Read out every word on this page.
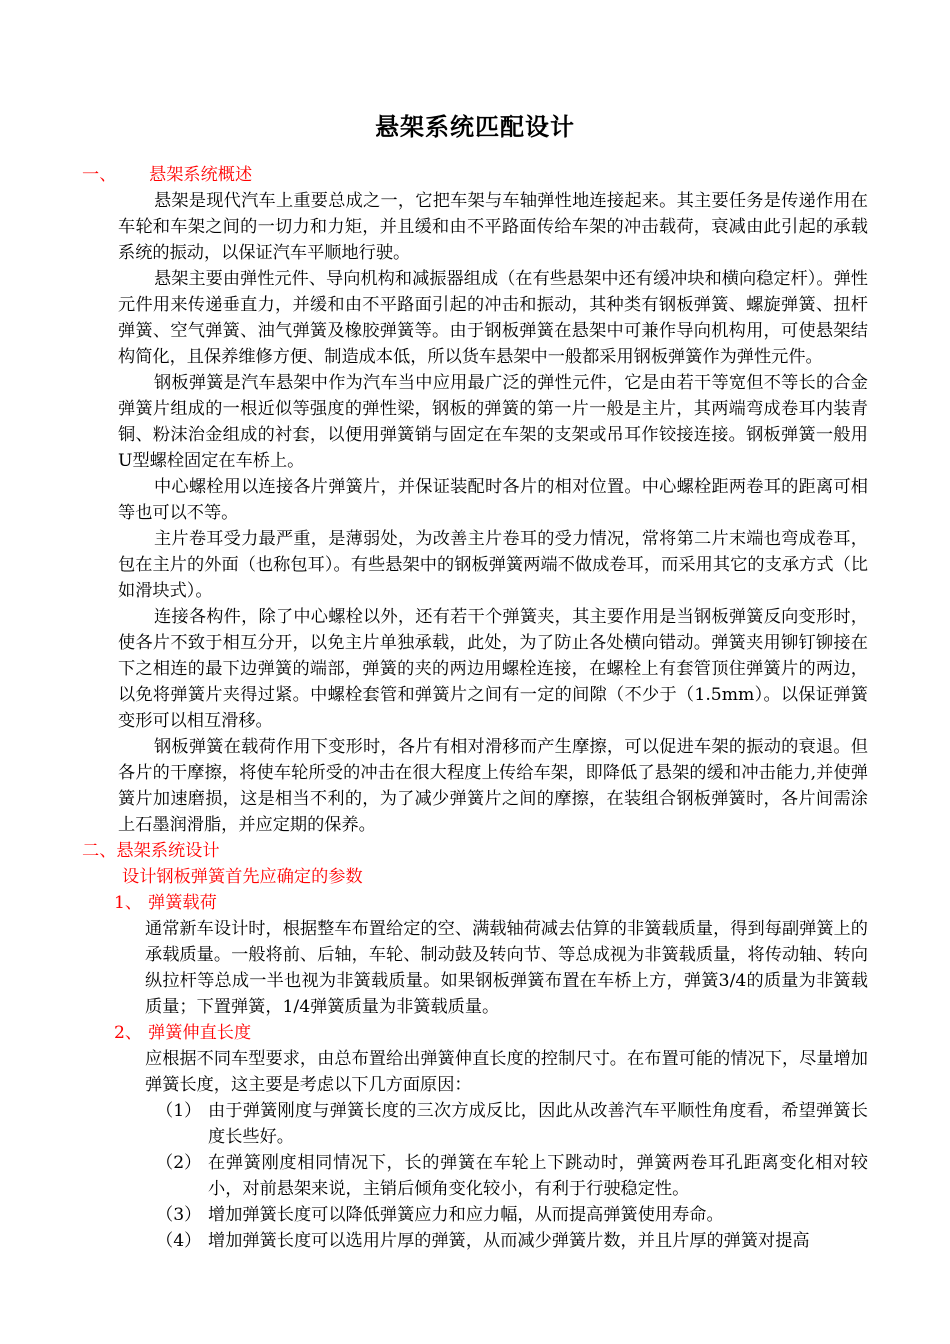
悬架系统匹配设计
一、 悬架系统概述
悬架是现代汽车上重要总成之一，它把车架与车轴弹性地连接起来。其主要任务是传递作用在车轮和车架之间的一切力和力矩，并且缓和由不平路面传给车架的冲击载荷，衰减由此引起的承载系统的振动，以保证汽车平顺地行驶。
悬架主要由弹性元件、导向机构和减振器组成（在有些悬架中还有缓冲块和横向稳定杆）。弹性元件用来传递垂直力，并缓和由不平路面引起的冲击和振动，其种类有钢板弹簧、螺旋弹簧、扭杆弹簧、空气弹簧、油气弹簧及橡胶弹簧等。由于钢板弹簧在悬架中可兼作导向机构用，可使悬架结构简化，且保养维修方便、制造成本低，所以货车悬架中一般都采用钢板弹簧作为弹性元件。
钢板弹簧是汽车悬架中作为汽车当中应用最广泛的弹性元件，它是由若干等宽但不等长的合金弹簧片组成的一根近似等强度的弹性梁，钢板的弹簧的第一片一般是主片，其两端弯成卷耳内装青铜、粉沫治金组成的衬套，以便用弹簧销与固定在车架的支架或吊耳作铰接连接。钢板弹簧一般用U型螺栓固定在车桥上。
中心螺栓用以连接各片弹簧片，并保证装配时各片的相对位置。中心螺栓距两卷耳的距离可相等也可以不等。
主片卷耳受力最严重，是薄弱处，为改善主片卷耳的受力情况，常将第二片末端也弯成卷耳，包在主片的外面（也称包耳）。有些悬架中的钢板弹簧两端不做成卷耳，而采用其它的支承方式（比如滑块式）。
连接各构件，除了中心螺栓以外，还有若干个弹簧夹，其主要作用是当钢板弹簧反向变形时，使各片不致于相互分开，以免主片单独承载，此处，为了防止各处横向错动。弹簧夹用铆钉铆接在下之相连的最下边弹簧的端部，弹簧的夹的两边用螺栓连接，在螺栓上有套管顶住弹簧片的两边，以免将弹簧片夹得过紧。中螺栓套管和弹簧片之间有一定的间隙（不少于（1.5mm）。以保证弹簧变形可以相互滑移。
钢板弹簧在载荷作用下变形时，各片有相对滑移而产生摩擦，可以促进车架的振动的衰退。但各片的干摩擦，将使车轮所受的冲击在很大程度上传给车架，即降低了悬架的缓和冲击能力,并使弹簧片加速磨损，这是相当不利的，为了减少弹簧片之间的摩擦，在装组合钢板弹簧时，各片间需涂上石墨润滑脂，并应定期的保养。
二、悬架系统设计
设计钢板弹簧首先应确定的参数
1、 弹簧载荷
通常新车设计时，根据整车布置给定的空、满载轴荷减去估算的非簧载质量，得到每副弹簧上的承载质量。一般将前、后轴，车轮、制动鼓及转向节、等总成视为非簧载质量，将传动轴、转向纵拉杆等总成一半也视为非簧载质量。如果钢板弹簧布置在车桥上方，弹簧3/4的质量为非簧载质量；下置弹簧，1/4弹簧质量为非簧载质量。
2、 弹簧伸直长度
应根据不同车型要求，由总布置给出弹簧伸直长度的控制尺寸。在布置可能的情况下，尽量增加弹簧长度，这主要是考虑以下几方面原因：
（1） 由于弹簧刚度与弹簧长度的三次方成反比，因此从改善汽车平顺性角度看，希望弹簧长度长些好。
（2） 在弹簧刚度相同情况下，长的弹簧在车轮上下跳动时，弹簧两卷耳孔距离变化相对较小，对前悬架来说，主销后倾角变化较小，有利于行驶稳定性。
（3） 增加弹簧长度可以降低弹簧应力和应力幅，从而提高弹簧使用寿命。
（4） 增加弹簧长度可以选用片厚的弹簧，从而减少弹簧片数，并且片厚的弹簧对提高
